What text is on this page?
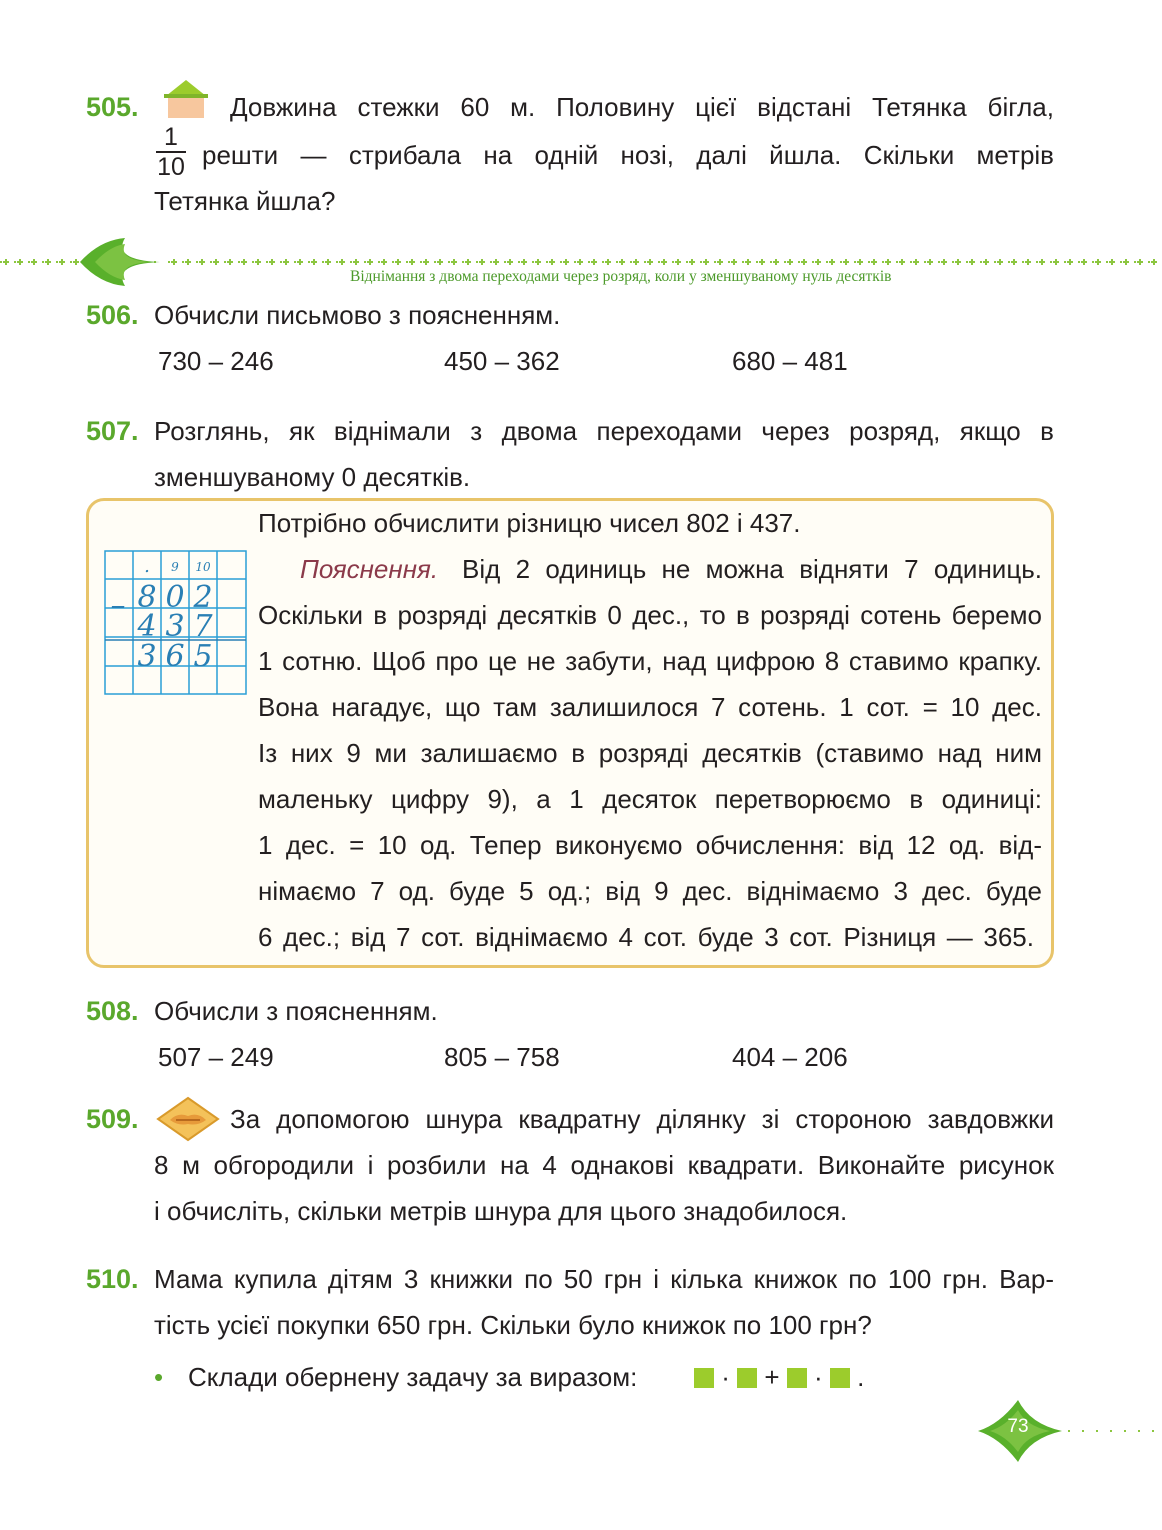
505.	Довжина стежки 60 м. Половину цієї відстані Тетянка бігла,
1
10 решти — стрибала на одній нозі, далі йшла. Скільки метрів
Тетянка йшла?
Віднімання з двома переходами через розряд, коли у зменшуваному нуль десятків
506. Обчисли письмово з поясненням.
730 – 246	450 – 362	680 – 481
507. Розглянь, як віднімали з двома переходами через розряд, якщо в
зменшуваному 0 десятків.
.	9	10
– 8 0 2
4 3 7
3 6 5
Потрібно обчислити різницю чисел 802 і 437.
Пояснення. Від 2 одиниць не можна відняти 7 одиниць.
Оскільки в розряді десятків 0 дес., то в розряді сотень беремо
1 сотню. Щоб про це не забути, над цифрою 8 ставимо крапку.
Вона нагадує, що там залишилося 7 сотень. 1 сот. = 10 дес.
Із них 9 ми залишаємо в розряді десятків (ставимо над ним
маленьку цифру 9), а 1 десяток перетворюємо в одиниці:
1 дес. = 10 од. Тепер виконуємо обчислення: від 12 од. від-
німаємо 7 од. буде 5 од.; від 9 дес. віднімаємо 3 дес. буде
6 дес.; від 7 сот. віднімаємо 4 сот. буде 3 сот. Різниця — 365.
508. Обчисли з поясненням.
507 – 249	805 – 758	404 – 206
509.	За допомогою шнура квадратну ділянку зі стороною завдовжки
8 м обгородили і розбили на 4 однакові квадрати. Виконайте рисунок
і обчисліть, скільки метрів шнура для цього знадобилося.
510. Мама купила дітям 3 книжки по 50 грн і кілька книжок по 100 грн. Вар-
тість усієї покупки 650 грн. Скільки було книжок по 100 грн?
• Склади обернену задачу за виразом:	· + · .
73
